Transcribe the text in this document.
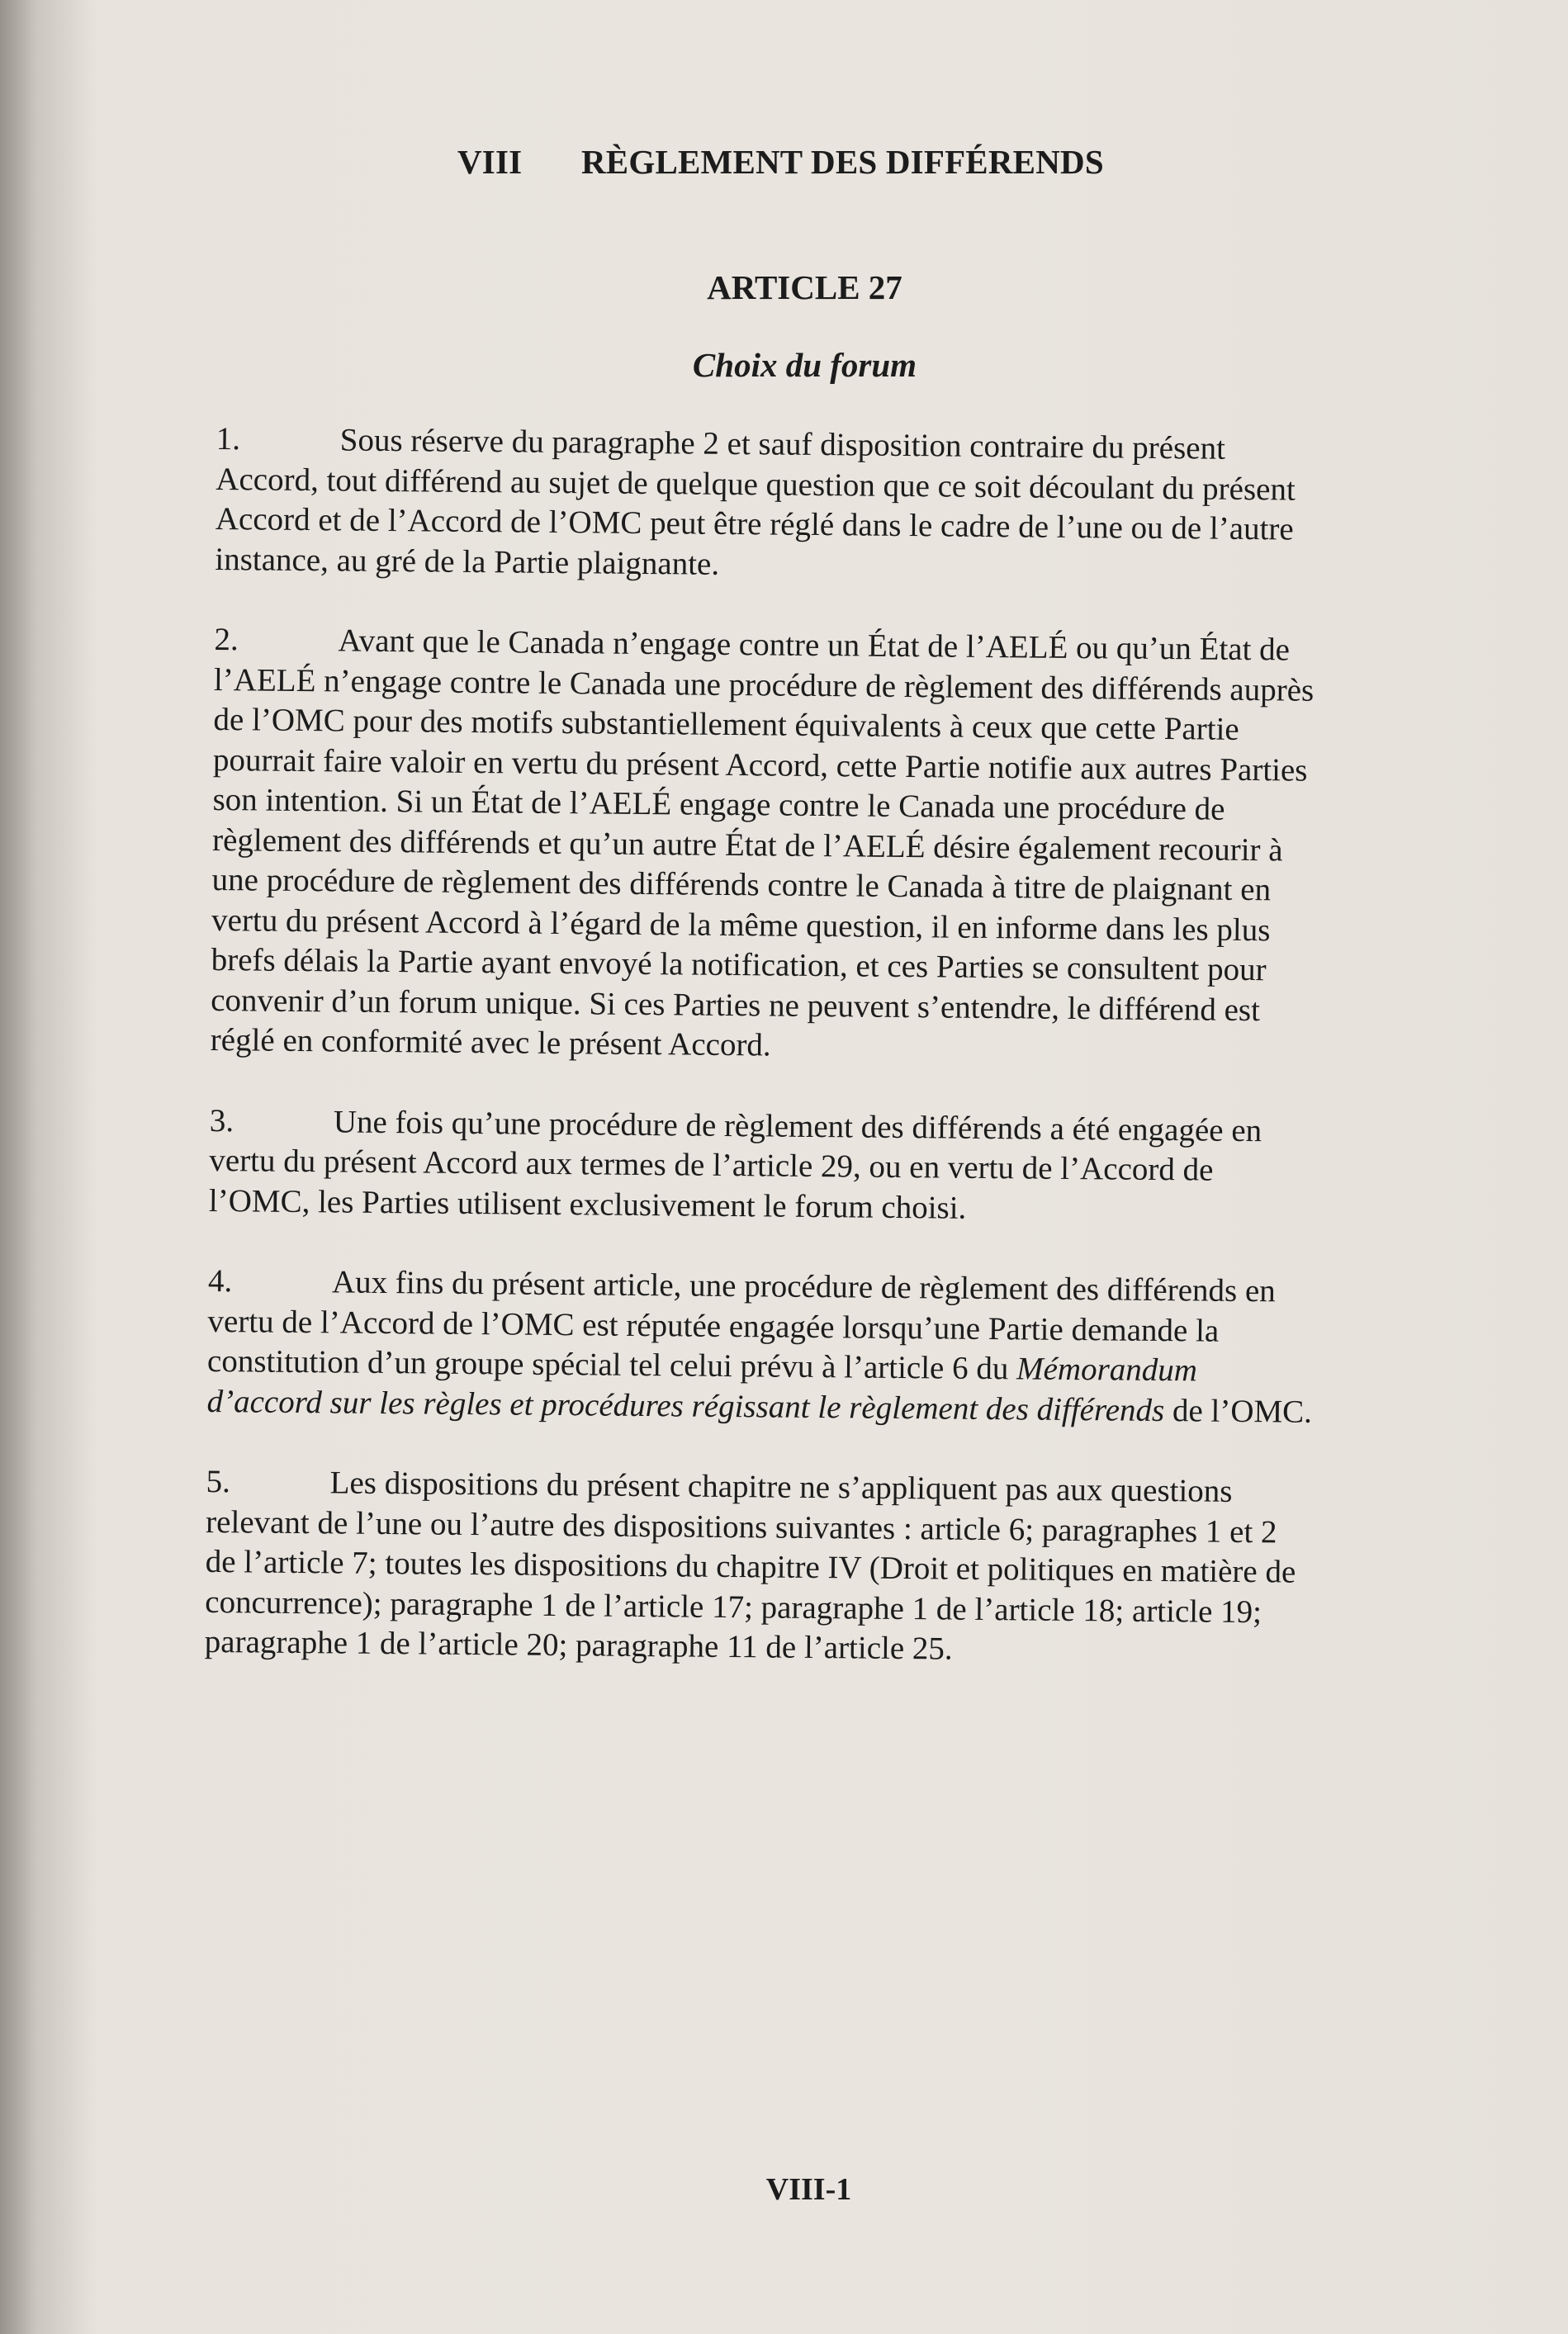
VIII RÈGLEMENT DES DIFFÉRENDS
ARTICLE 27
Choix du forum

1.	Sous réserve du paragraphe 2 et sauf disposition contraire du présent Accord, tout différend au sujet de quelque question que ce soit découlant du présent Accord et de l’Accord de l’OMC peut être réglé dans le cadre de l’une ou de l’autre instance, au gré de la Partie plaignante.

2.	Avant que le Canada n’engage contre un État de l’AELÉ ou qu’un État de l’AELÉ n’engage contre le Canada une procédure de règlement des différends auprès de l’OMC pour des motifs substantiellement équivalents à ceux que cette Partie pourrait faire valoir en vertu du présent Accord, cette Partie notifie aux autres Parties son intention. Si un État de l’AELÉ engage contre le Canada une procédure de règlement des différends et qu’un autre État de l’AELÉ désire également recourir à une procédure de règlement des différends contre le Canada à titre de plaignant en vertu du présent Accord à l’égard de la même question, il en informe dans les plus brefs délais la Partie ayant envoyé la notification, et ces Parties se consultent pour convenir d’un forum unique. Si ces Parties ne peuvent s’entendre, le différend est réglé en conformité avec le présent Accord.

3.	Une fois qu’une procédure de règlement des différends a été engagée en vertu du présent Accord aux termes de l’article 29, ou en vertu de l’Accord de l’OMC, les Parties utilisent exclusivement le forum choisi.

4.	Aux fins du présent article, une procédure de règlement des différends en vertu de l’Accord de l’OMC est réputée engagée lorsqu’une Partie demande la constitution d’un groupe spécial tel celui prévu à l’article 6 du Mémorandum d’accord sur les règles et procédures régissant le règlement des différends de l’OMC.

5.	Les dispositions du présent chapitre ne s’appliquent pas aux questions relevant de l’une ou l’autre des dispositions suivantes : article 6; paragraphes 1 et 2 de l’article 7; toutes les dispositions du chapitre IV (Droit et politiques en matière de concurrence); paragraphe 1 de l’article 17; paragraphe 1 de l’article 18; article 19; paragraphe 1 de l’article 20; paragraphe 11 de l’article 25.

VIII-1
